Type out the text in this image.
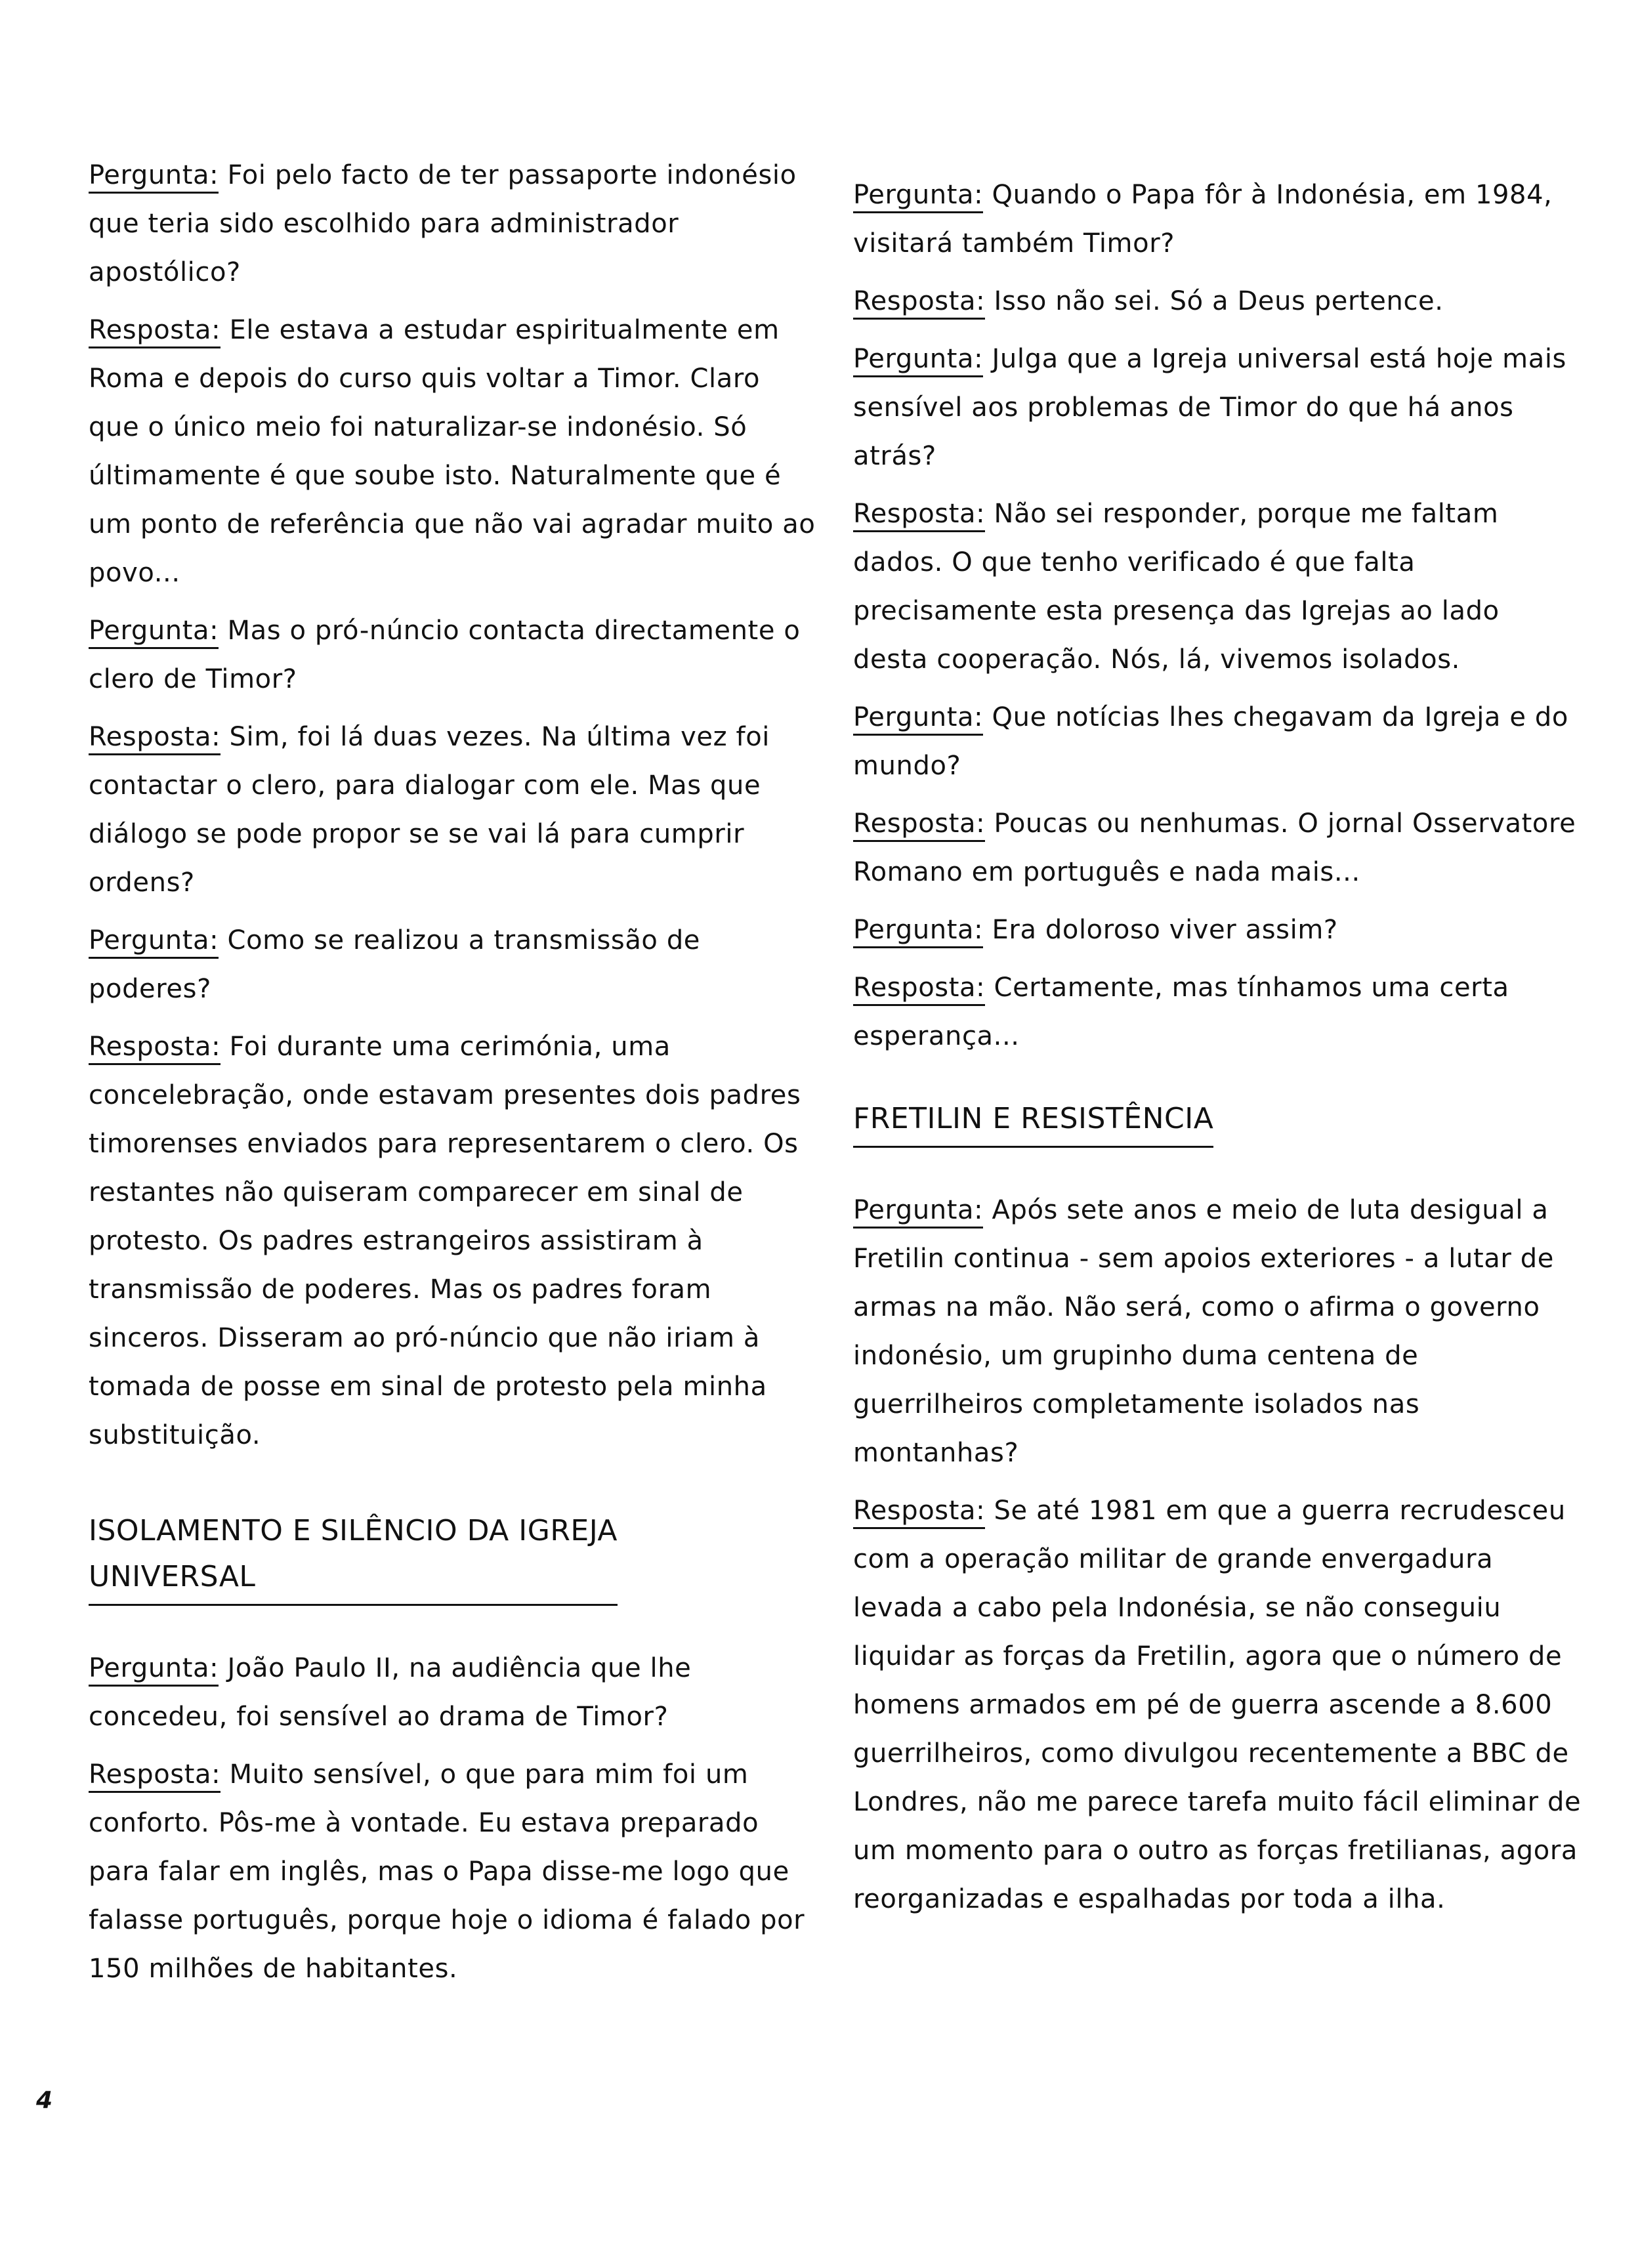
Pergunta: Foi pelo facto de ter passaporte indonésio que teria sido escolhido para administrador apostólico?

Resposta: Ele estava a estudar espiritualmente em Roma e depois do curso quis voltar a Timor. Claro que o único meio foi naturalizar-se indonésio. Só últimamente é que soube isto. Naturalmente que é um ponto de referência que não vai agradar muito ao povo...

Pergunta: Mas o pró-núncio contacta directamente o clero de Timor?

Resposta: Sim, foi lá duas vezes. Na última vez foi contactar o clero, para dialogar com ele. Mas que diálogo se pode propor se se vai lá para cumprir ordens?

Pergunta: Como se realizou a transmissão de poderes?

Resposta: Foi durante uma cerimónia, uma concelebração, onde estavam presentes dois padres timorenses enviados para representarem o clero. Os restantes não quiseram comparecer em sinal de protesto. Os padres estrangeiros assistiram à transmissão de poderes. Mas os padres foram sinceros. Disseram ao pró-núncio que não iriam à tomada de posse em sinal de protesto pela minha substituição.

ISOLAMENTO E SILÊNCIO DA IGREJA
UNIVERSAL

Pergunta: João Paulo II, na audiência que lhe concedeu, foi sensível ao drama de Timor?

Resposta: Muito sensível, o que para mim foi um conforto. Pôs-me à vontade. Eu estava preparado para falar em inglês, mas o Papa disse-me logo que falasse português, porque hoje o idioma é falado por 150 milhões de habitantes.

Pergunta: Quando o Papa fôr à Indonésia, em 1984, visitará também Timor?

Resposta: Isso não sei. Só a Deus pertence.

Pergunta: Julga que a Igreja universal está hoje mais sensível aos problemas de Timor do que há anos atrás?

Resposta: Não sei responder, porque me faltam dados. O que tenho verificado é que falta precisamente esta presença das Igrejas ao lado desta cooperação. Nós, lá, vivemos isolados.

Pergunta: Que notícias lhes chegavam da Igreja e do mundo?

Resposta: Poucas ou nenhumas. O jornal Osservatore Romano em português e nada mais...

Pergunta: Era doloroso viver assim?

Resposta: Certamente, mas tínhamos uma certa esperança...

FRETILIN E RESISTÊNCIA

Pergunta: Após sete anos e meio de luta desigual a Fretilin continua - sem apoios exteriores - a lutar de armas na mão. Não será, como o afirma o governo indonésio, um grupinho duma centena de guerrilheiros completamente isolados nas montanhas?

Resposta: Se até 1981 em que a guerra recrudesceu com a operação militar de grande envergadura levada a cabo pela Indonésia, se não conseguiu liquidar as forças da Fretilin, agora que o número de homens armados em pé de guerra ascende a 8.600 guerrilheiros, como divulgou recentemente a BBC de Londres, não me parece tarefa muito fácil eliminar de um momento para o outro as forças fretilianas, agora reorganizadas e espalhadas por toda a ilha.

4
